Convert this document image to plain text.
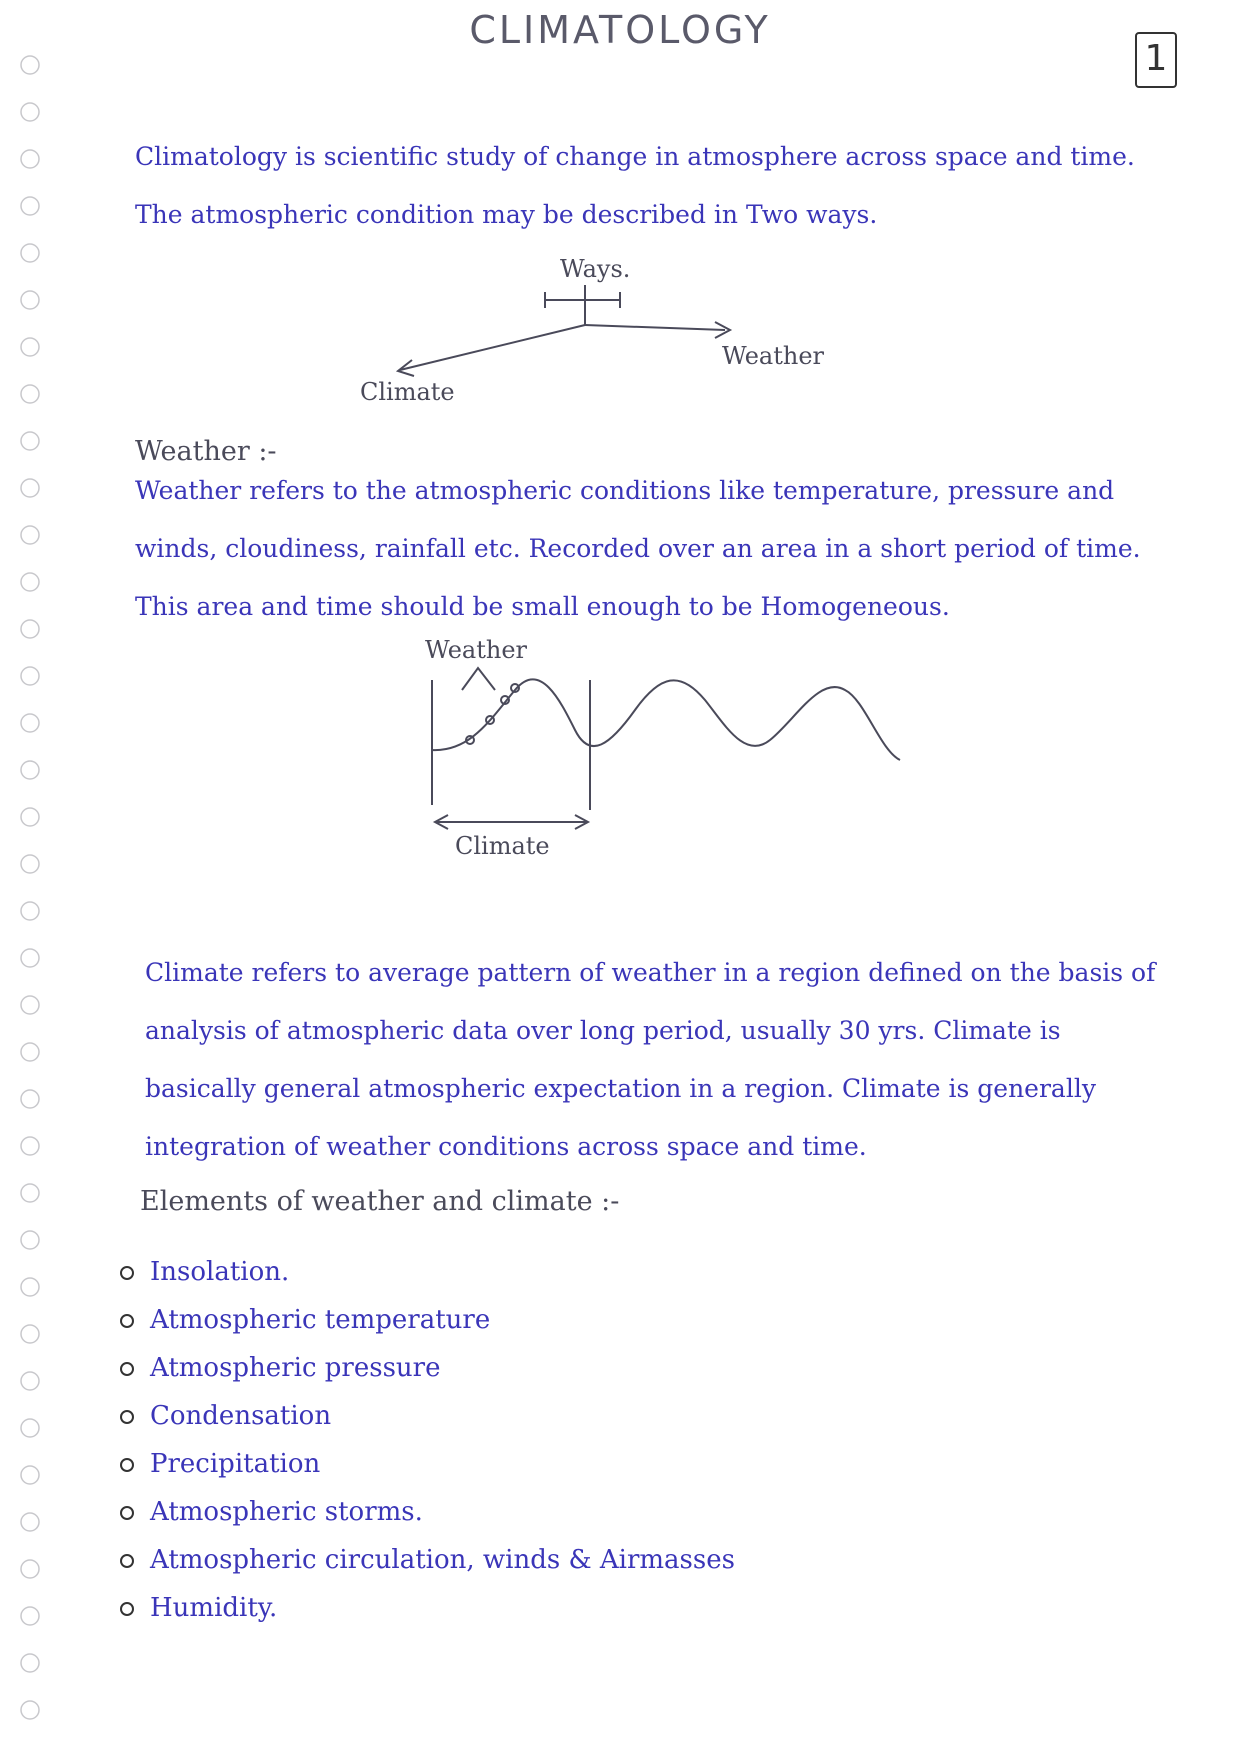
CLIMATOLOGY
1
Climatology is scientific study of change in atmosphere across space and time.
The atmospheric condition may be described in Two ways.
Ways.
Weather
Climate
Weather :-
Weather refers to the atmospheric conditions like temperature, pressure and
winds, cloudiness, rainfall etc. Recorded over an area in a short period of time.
This area and time should be small enough to be Homogeneous.
Weather
Climate
Climate refers to average pattern of weather in a region defined on the basis of
analysis of atmospheric data over long period, usually 30 yrs. Climate is
basically general atmospheric expectation in a region. Climate is generally
integration of weather conditions across space and time.
Elements of weather and climate :-
Insolation.
Atmospheric temperature
Atmospheric pressure
Condensation
Precipitation
Atmospheric storms.
Atmospheric circulation, winds & Airmasses
Humidity.
